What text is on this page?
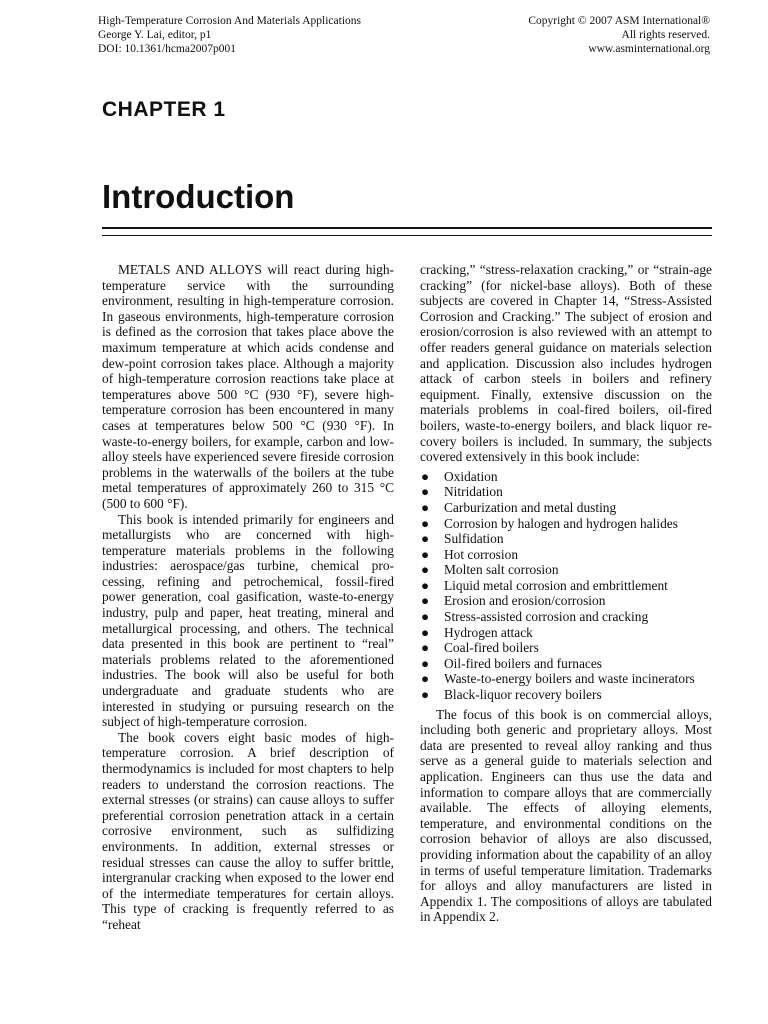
High-Temperature Corrosion And Materials Applications
George Y. Lai, editor, p1
DOI: 10.1361/hcma2007p001
Copyright © 2007 ASM International®
All rights reserved.
www.asminternational.org
CHAPTER 1
Introduction

METALS AND ALLOYS will react during high-temperature service with the surrounding environment, resulting in high-temperature corrosion. In gaseous environments, high-temperature corrosion is defined as the corrosion that takes place above the maximum temperature at which acids condense and dew-point corrosion takes place. Although a majority of high-temperature corrosion reactions take place at temperatures above 500 °C (930 °F), severe high-temperature corrosion has been encountered in many cases at temperatures below 500 °C (930 °F). In waste-to-energy boilers, for example, carbon and low-alloy steels have experienced severe fireside corrosion problems in the waterwalls of the boilers at the tube metal temperatures of approximately 260 to 315 °C (500 to 600 °F).

This book is intended primarily for engineers and metallurgists who are concerned with high-temperature materials problems in the following industries: aerospace/gas turbine, chemical processing, refining and petrochemical, fossil-fired power generation, coal gasification, waste-to-energy industry, pulp and paper, heat treating, mineral and metallurgical processing, and others. The technical data presented in this book are pertinent to “real” materials problems related to the aforementioned industries. The book will also be useful for both undergraduate and graduate students who are interested in studying or pursuing research on the subject of high-temperature corrosion.

The book covers eight basic modes of high-temperature corrosion. A brief description of thermodynamics is included for most chapters to help readers to understand the corrosion reactions. The external stresses (or strains) can cause alloys to suffer preferential corrosion penetration attack in a certain corrosive environment, such as sulfidizing environments. In addition, external stresses or residual stresses can cause the alloy to suffer brittle, intergranular cracking when exposed to the lower end of the intermediate temperatures for certain alloys. This type of cracking is frequently referred to as “reheat

cracking,” “stress-relaxation cracking,” or “strain-age cracking” (for nickel-base alloys). Both of these subjects are covered in Chapter 14, “Stress-Assisted Corrosion and Cracking.” The subject of erosion and erosion/corrosion is also reviewed with an attempt to offer readers general guidance on materials selection and application. Discussion also includes hydrogen attack of carbon steels in boilers and refinery equipment. Finally, extensive discussion on the materials problems in coal-fired boilers, oil-fired boilers, waste-to-energy boilers, and black liquor recovery boilers is included. In summary, the subjects covered extensively in this book include:

● Oxidation
● Nitridation
● Carburization and metal dusting
● Corrosion by halogen and hydrogen halides
● Sulfidation
● Hot corrosion
● Molten salt corrosion
● Liquid metal corrosion and embrittlement
● Erosion and erosion/corrosion
● Stress-assisted corrosion and cracking
● Hydrogen attack
● Coal-fired boilers
● Oil-fired boilers and furnaces
● Waste-to-energy boilers and waste incinerators
● Black-liquor recovery boilers

The focus of this book is on commercial alloys, including both generic and proprietary alloys. Most data are presented to reveal alloy ranking and thus serve as a general guide to materials selection and application. Engineers can thus use the data and information to compare alloys that are commercially available. The effects of alloying elements, temperature, and environmental conditions on the corrosion behavior of alloys are also discussed, providing information about the capability of an alloy in terms of useful temperature limitation. Trademarks for alloys and alloy manufacturers are listed in Appendix 1. The compositions of alloys are tabulated in Appendix 2.
